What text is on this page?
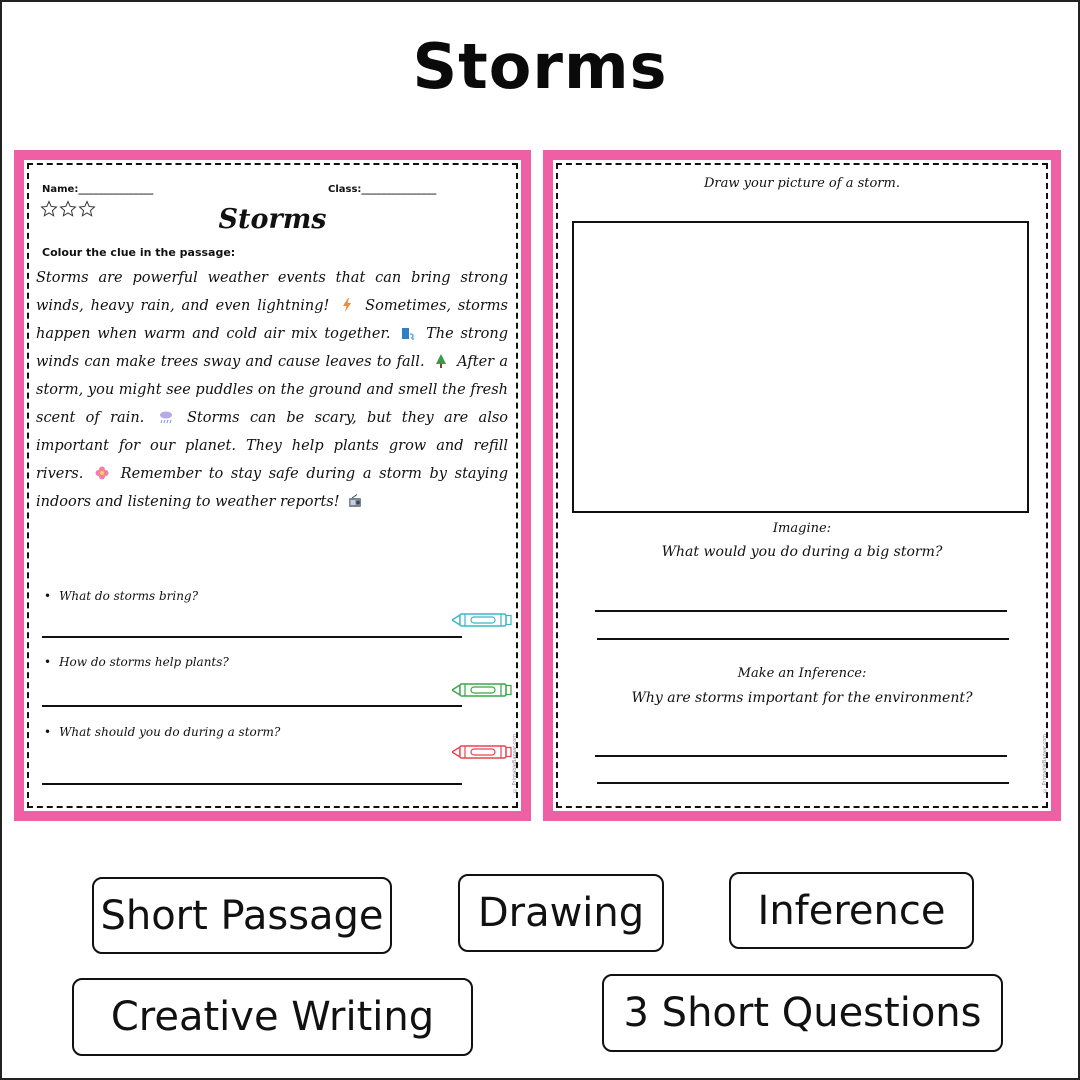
Storms
Name:_______________	Class:_______________
Storms
Colour the clue in the passage:
Storms are powerful weather events that can bring strong winds, heavy rain, and even lightning! Sometimes, storms happen when warm and cold air mix together. The strong winds can make trees sway and cause leaves to fall. After a storm, you might see puddles on the ground and smell the fresh scent of rain.	Storms can be scary, but they are also important for our planet. They help plants grow and refill rivers.	Remember to stay safe during a storm by staying indoors and listening to weather reports!
• What do storms bring?
• How do storms help plants?
• What should you do during a storm?
© PrintableBazaar.com
Draw your picture of a storm.
Imagine:
What would you do during a big storm?
Make an Inference:
Why are storms important for the environment?
© PrintableBazaar.com
Short Passage	Drawing	Inference
Creative Writing	3 Short Questions
